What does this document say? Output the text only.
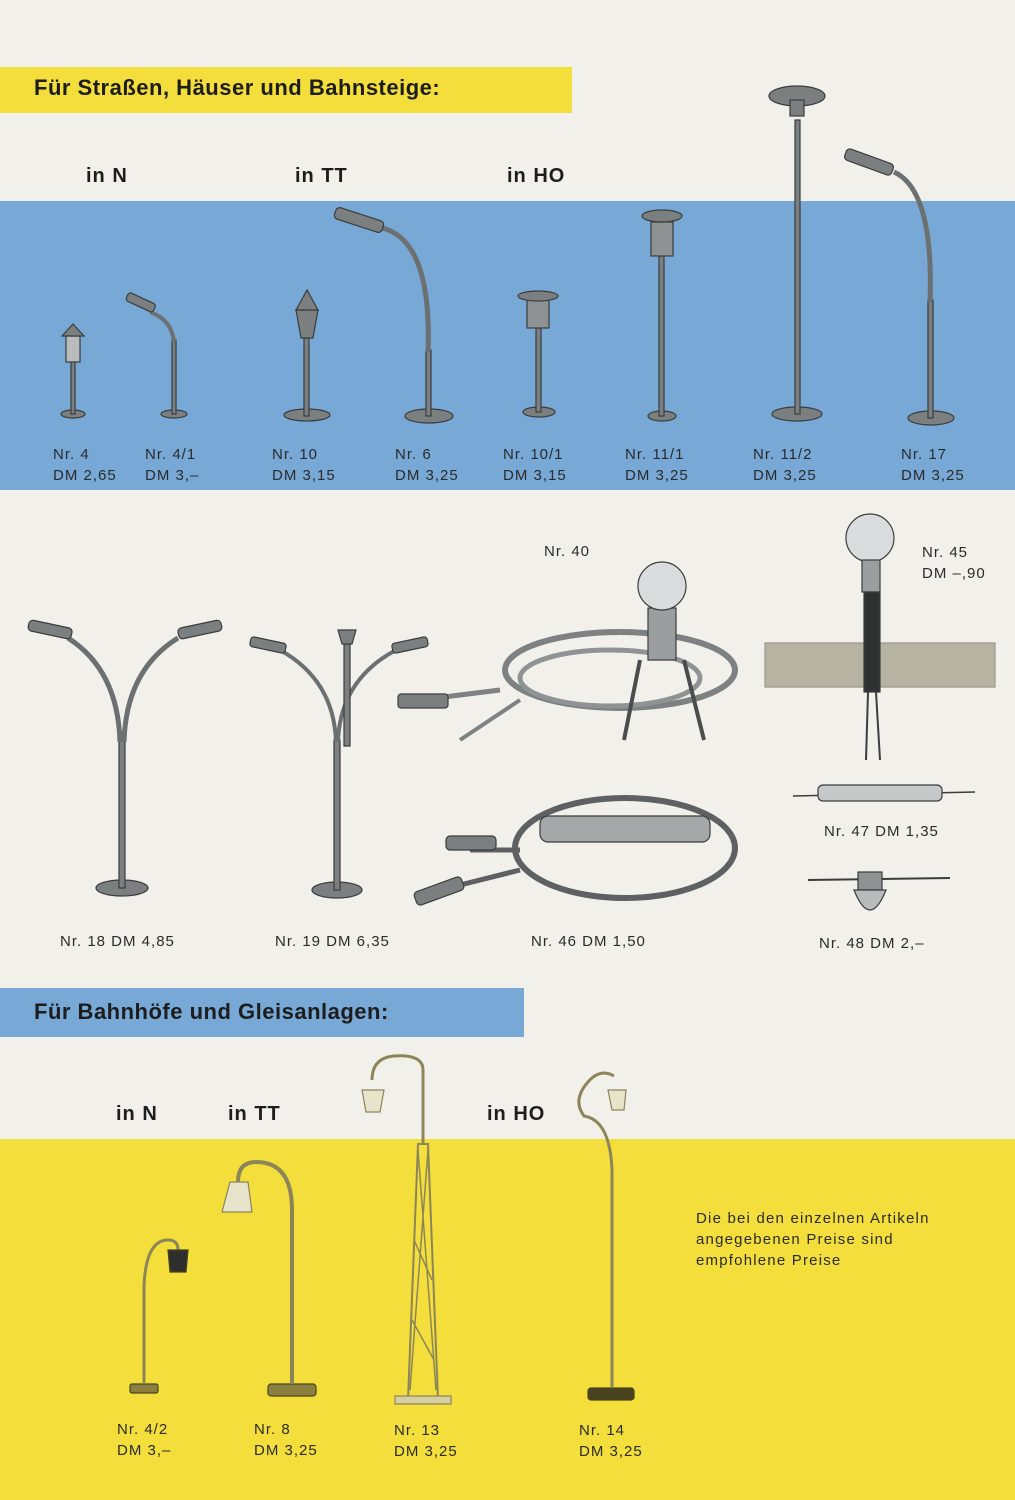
Für Straßen, Häuser und Bahnsteige:
in N	in TT	in HO
Nr. 4
DM 2,65
Nr. 4/1
DM 3,–
Nr. 10
DM 3,15
Nr. 6
DM 3,25
Nr. 10/1
DM 3,15
Nr. 11/1
DM 3,25
Nr. 11/2
DM 3,25
Nr. 17
DM 3,25
Nr. 40	Nr. 45
DM –,90
Nr. 47 DM 1,35
Nr. 18 DM 4,85	Nr. 19 DM 6,35	Nr. 46 DM 1,50	Nr. 48 DM 2,–
Für Bahnhöfe und Gleisanlagen:
in N	in TT	in HO
Nr. 4/2
DM 3,–
Nr. 8
DM 3,25
Nr. 13
DM 3,25
Nr. 14
DM 3,25
Die bei den einzelnen Artikeln
angegebenen Preise sind
empfohlene Preise
